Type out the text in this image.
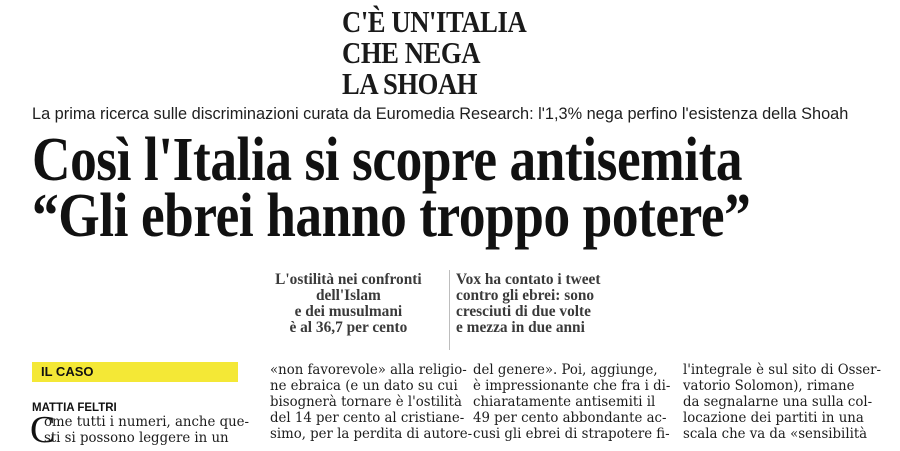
C'È UN'ITALIA
CHE NEGA
LA SHOAH
La prima ricerca sulle discriminazioni curata da Euromedia Research: l'1,3% nega perfino l'esistenza della Shoah
Così l'Italia si scopre antisemita
“Gli ebrei hanno troppo potere”
L'ostilità nei confronti
dell'Islam
e dei musulmani
è al 36,7 per cento
Vox ha contato i tweet
contro gli ebrei: sono
cresciuti di due volte
e mezza in due anni
IL CASO
MATTIA FELTRI
C
ome tutti i numeri, anche que-
sti si possono leggere in un
«non favorevole» alla religio-
ne ebraica (e un dato su cui
bisognerà tornare è l'ostilità
del 14 per cento al cristiane-
simo, per la perdita di autore-
del genere». Poi, aggiunge,
è impressionante che fra i di-
chiaratamente antisemiti il
49 per cento abbondante ac-
cusi gli ebrei di strapotere fi-
l'integrale è sul sito di Osser-
vatorio Solomon), rimane
da segnalarne una sulla col-
locazione dei partiti in una
scala che va da «sensibilità
